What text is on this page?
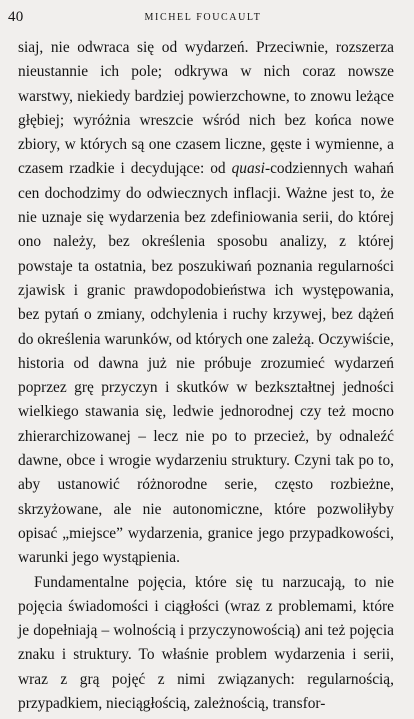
40	MICHEL FOUCAULT

siaj, nie odwraca się od wydarzeń. Przeciwnie, rozszerza nieustannie ich pole; odkrywa w nich coraz nowsze warstwy, niekiedy bardziej powierzchowne, to znowu leżące głębiej; wyróżnia wreszcie wśród nich bez końca nowe zbiory, w których są one czasem liczne, gęste i wymienne, a czasem rzadkie i decydujące: od quasi-codziennych wahań cen dochodzimy do odwiecznych inflacji. Ważne jest to, że nie uznaje się wydarzenia bez zdefiniowania serii, do której ono należy, bez określenia sposobu analizy, z której powstaje ta ostatnia, bez poszukiwań poznania regularności zjawisk i granic prawdopodobieństwa ich występowania, bez pytań o zmiany, odchylenia i ruchy krzywej, bez dążeń do określenia warunków, od których one zależą. Oczywiście, historia od dawna już nie próbuje zrozumieć wydarzeń poprzez grę przyczyn i skutków w bezkształtnej jedności wielkiego stawania się, ledwie jednorodnej czy też mocno zhierarchizowanej – lecz nie po to przecież, by odnaleźć dawne, obce i wrogie wydarzeniu struktury. Czyni tak po to, aby ustanowić różnorodne serie, często rozbieżne, skrzyżowane, ale nie autonomiczne, które pozwoliłyby opisać „miejsce” wydarzenia, granice jego przypadkowości, warunki jego wystąpienia.

Fundamentalne pojęcia, które się tu narzucają, to nie pojęcia świadomości i ciągłości (wraz z problemami, które je dopełniają – wolnością i przyczynowością) ani też pojęcia znaku i struktury. To właśnie problem wydarzenia i serii, wraz z grą pojęć z nimi związanych: regularnością, przypadkiem, nieciągłością, zależnością, transfor-
